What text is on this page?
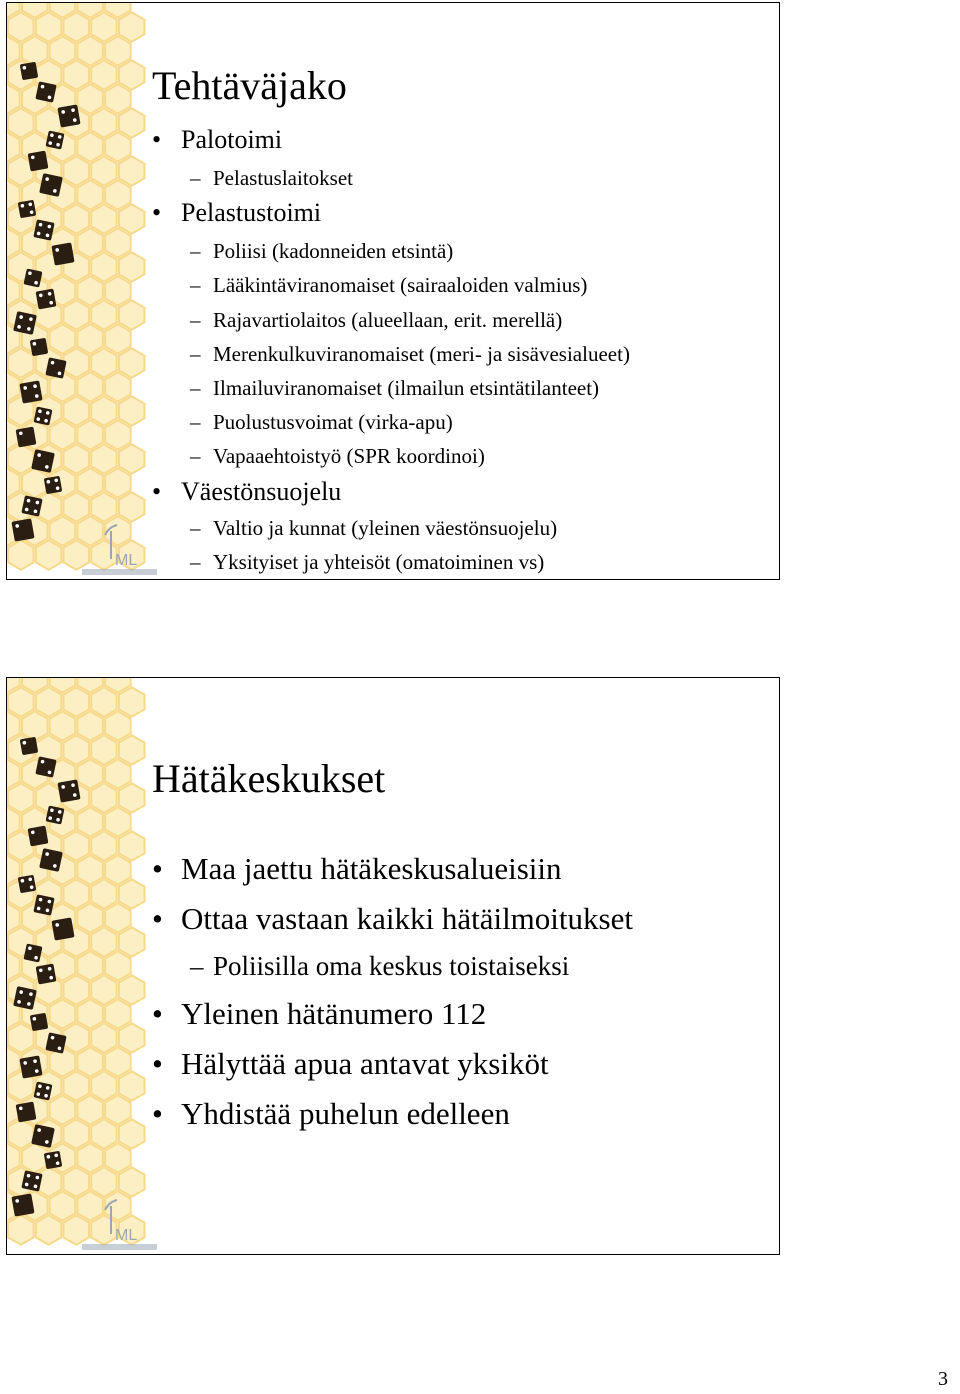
ML
Tehtäväjako
• Palotoimi
– Pelastuslaitokset
• Pelastustoimi
– Poliisi (kadonneiden etsintä)
– Lääkintäviranomaiset (sairaaloiden valmius)
– Rajavartiolaitos (alueellaan, erit. merellä)
– Merenkulkuviranomaiset (meri- ja sisävesialueet)
– Ilmailuviranomaiset (ilmailun etsintätilanteet)
– Puolustusvoimat (virka-apu)
– Vapaaehtoistyö (SPR koordinoi)
• Väestönsuojelu
– Valtio ja kunnat (yleinen väestönsuojelu)
– Yksityiset ja yhteisöt (omatoiminen vs)
ML
Hätäkeskukset
• Maa jaettu hätäkeskusalueisiin
• Ottaa vastaan kaikki hätäilmoitukset
– Poliisilla oma keskus toistaiseksi
• Yleinen hätänumero 112
• Hälyttää apua antavat yksiköt
• Yhdistää puhelun edelleen
3
